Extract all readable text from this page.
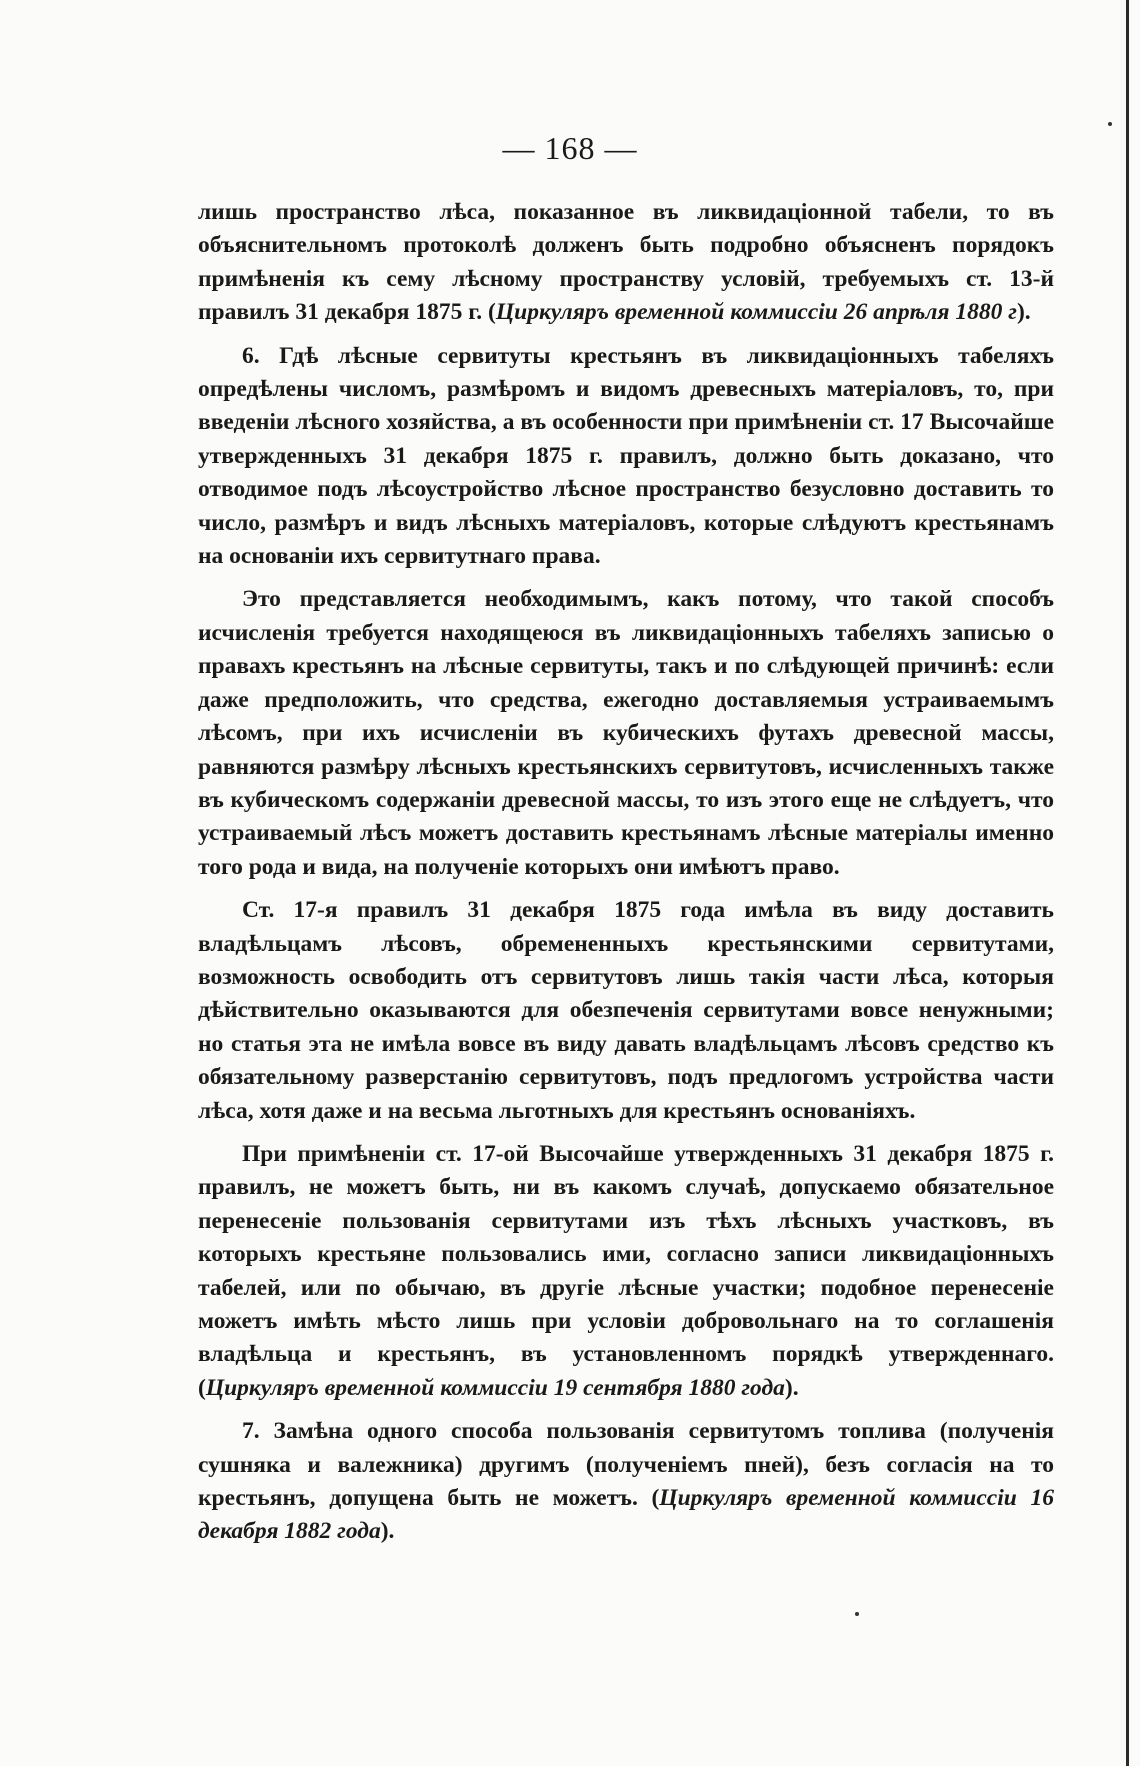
— 168 —

лишь пространство лѣса, показанное въ ликвидаціонной табели, то въ объяснительномъ протоколѣ долженъ быть подробно объясненъ порядокъ примѣненія къ сему лѣсному пространству условій, требуемыхъ ст. 13-й правилъ 31 декабря 1875 г. (Циркуляръ временной коммиссіи 26 апрѣля 1880 г).

6. Гдѣ лѣсные сервитуты крестьянъ въ ликвидаціонныхъ табеляхъ опредѣлены числомъ, размѣромъ и видомъ древесныхъ матеріаловъ, то, при введеніи лѣсного хозяйства, а въ особенности при примѣненіи ст. 17 Высочайше утвержденныхъ 31 декабря 1875 г. правилъ, должно быть доказано, что отводимое подъ лѣсоустройство лѣсное пространство безусловно доставить то число, размѣръ и видъ лѣсныхъ матеріаловъ, которые слѣдуютъ крестьянамъ на основаніи ихъ сервитутнаго права.

Это представляется необходимымъ, какъ потому, что такой способъ исчисленія требуется находящеюся въ ликвидаціонныхъ табеляхъ записью о правахъ крестьянъ на лѣсные сервитуты, такъ и по слѣдующей причинѣ: если даже предположить, что средства, ежегодно доставляемыя устраиваемымъ лѣсомъ, при ихъ исчисленіи въ кубическихъ футахъ древесной массы, равняются размѣру лѣсныхъ крестьянскихъ сервитутовъ, исчисленныхъ также въ кубическомъ содержаніи древесной массы, то изъ этого еще не слѣдуетъ, что устраиваемый лѣсъ можетъ доставить крестьянамъ лѣсные матеріалы именно того рода и вида, на полученіе которыхъ они имѣютъ право.

Ст. 17-я правилъ 31 декабря 1875 года имѣла въ виду доставить владѣльцамъ лѣсовъ, обремененныхъ крестьянскими сервитутами, возможность освободить отъ сервитутовъ лишь такія части лѣса, которыя дѣйствительно оказываются для обезпеченія сервитутами вовсе ненужными; но статья эта не имѣла вовсе въ виду давать владѣльцамъ лѣсовъ средство къ обязательному разверстанію сервитутовъ, подъ предлогомъ устройства части лѣса, хотя даже и на весьма льготныхъ для крестьянъ основаніяхъ.

При примѣненіи ст. 17-ой Высочайше утвержденныхъ 31 декабря 1875 г. правилъ, не можетъ быть, ни въ какомъ случаѣ, допускаемо обязательное перенесеніе пользованія сервитутами изъ тѣхъ лѣсныхъ участковъ, въ которыхъ крестьяне пользовались ими, согласно записи ликвидаціонныхъ табелей, или по обычаю, въ другіе лѣсные участки; подобное перенесеніе можетъ имѣть мѣсто лишь при условіи добровольнаго на то соглашенія владѣльца и крестьянъ, въ установленномъ порядкѣ утвержденнаго. (Циркуляръ временной коммиссіи 19 сентября 1880 года).

7. Замѣна одного способа пользованія сервитутомъ топлива (полученія сушняка и валежника) другимъ (полученіемъ пней), безъ согласія на то крестьянъ, допущена быть не можетъ. (Циркуляръ временной коммиссіи 16 декабря 1882 года).
